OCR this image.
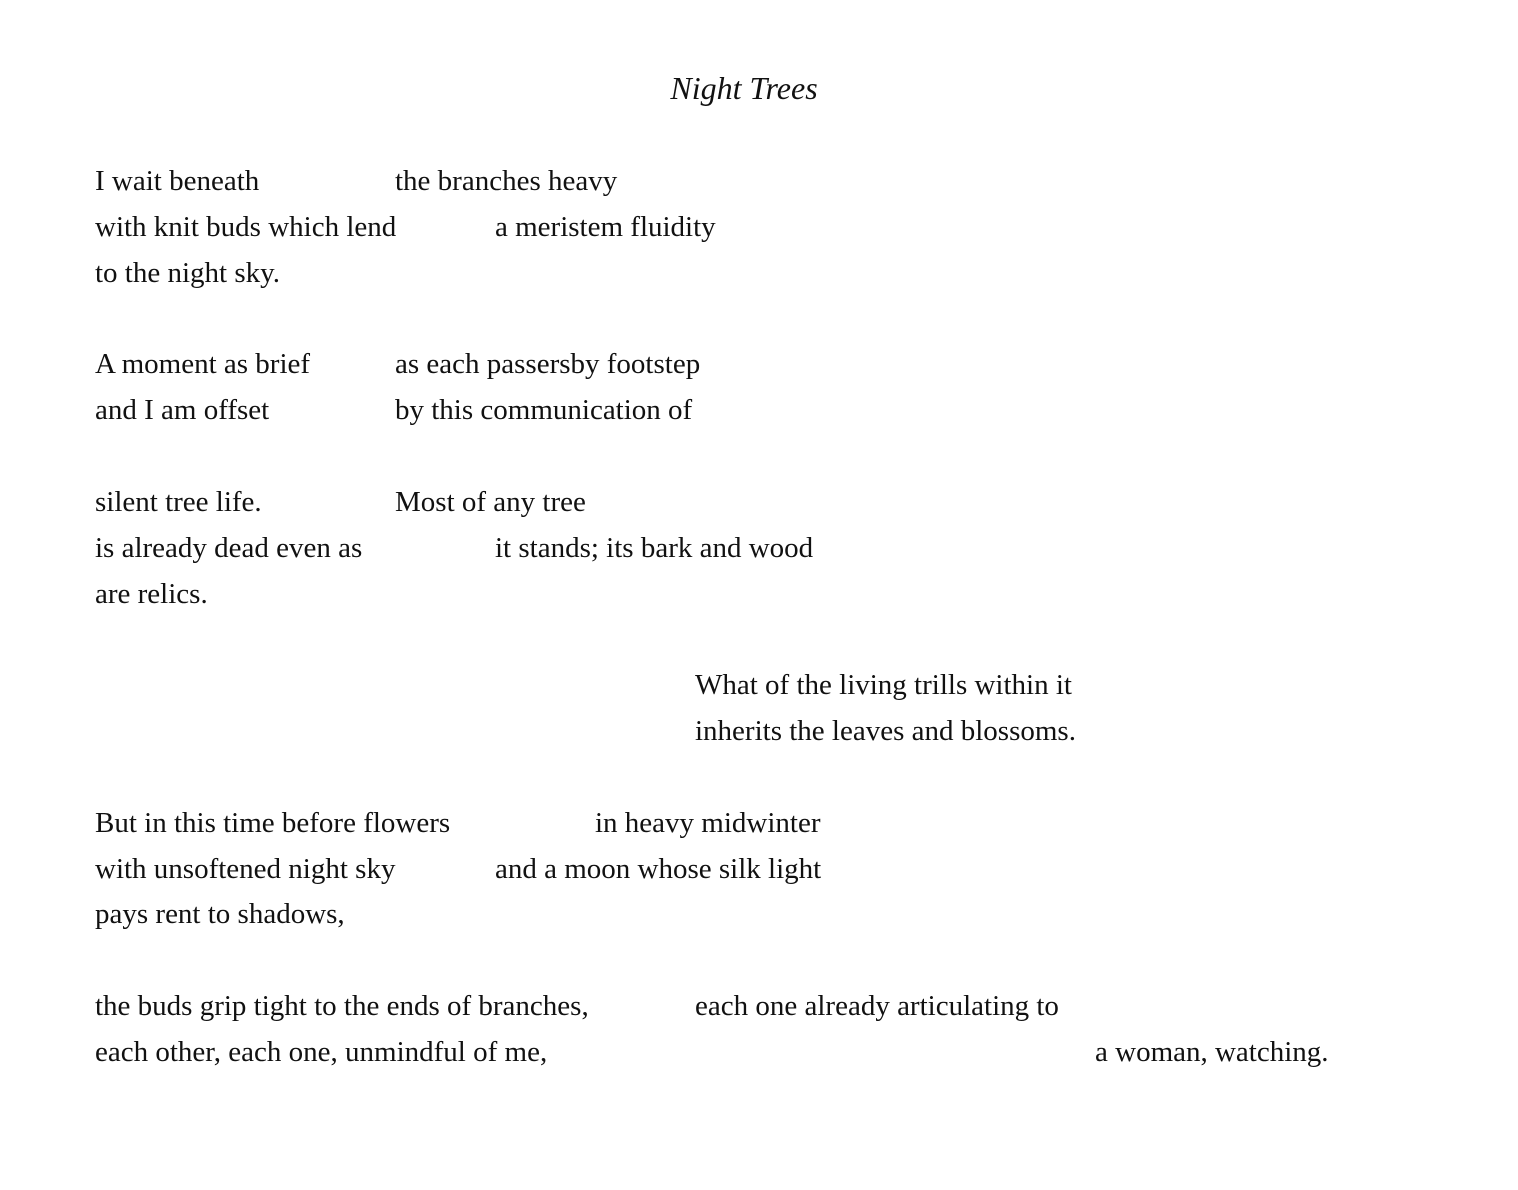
Night Trees
I wait beneath	the branches heavy
with knit buds which lend	a meristem fluidity
to the night sky.
A moment as brief	as each passersby footstep
and I am offset	by this communication of
silent tree life.	Most of any tree
is already dead even as	it stands; its bark and wood
are relics.
What of the living trills within it
inherits the leaves and blossoms.
But in this time before flowers	in heavy midwinter
with unsoftened night sky	and a moon whose silk light
pays rent to shadows,
the buds grip tight to the ends of branches,	each one already articulating to
each other, each one, unmindful of me,	a woman, watching.
